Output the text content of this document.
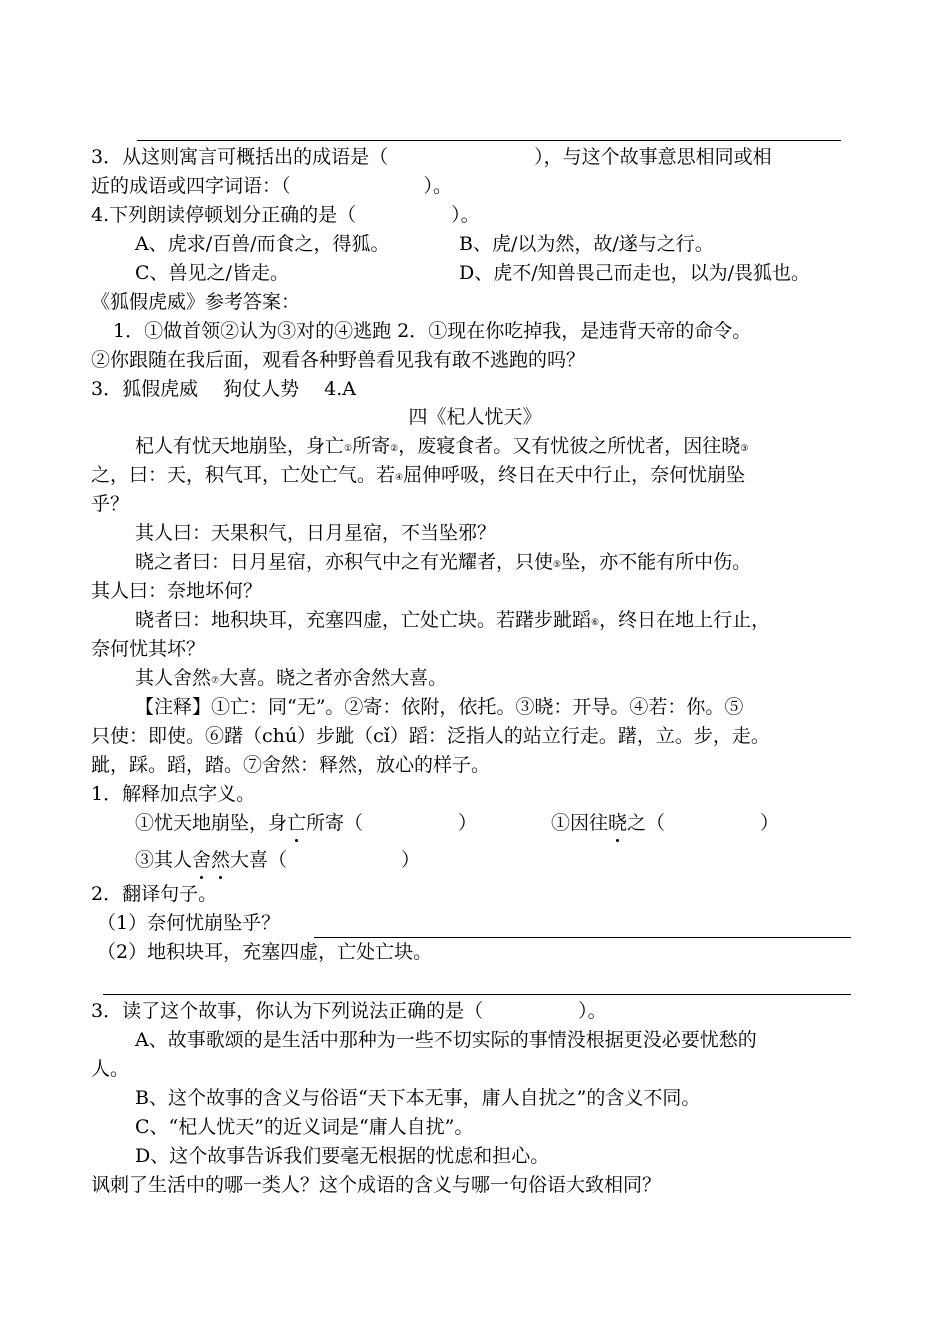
3．从这则寓言可概括出的成语是（	），与这个故事意思相同或相
近的成语或四字词语：（　　　　　　　）。
4.下列朗读停顿划分正确的是（　　　　　）。
A、虎求/百兽/而食之，得狐。	B、虎/以为然，故/遂与之行。
C、兽见之/皆走。	D、虎不/知兽畏己而走也，以为/畏狐也。
《狐假虎威》参考答案：
1．①做首领②认为③对的④逃跑 2．①现在你吃掉我，是违背天帝的命令。
②你跟随在我后面，观看各种野兽看见我有敢不逃跑的吗？
3．狐假虎威　 狗仗人势　 4.A
四《杞人忧天》
杞人有忧天地崩坠，身亡①所寄②，废寝食者。又有忧彼之所忧者，因往晓③
之，曰：天，积气耳，亡处亡气。若④屈伸呼吸，终日在天中行止，奈何忧崩坠
乎？
其人曰：天果积气，日月星宿，不当坠邪？
晓之者曰：日月星宿，亦积气中之有光耀者，只使⑤坠，亦不能有所中伤。
其人曰：奈地坏何？
晓者曰：地积块耳，充塞四虚，亡处亡块。若躇步跐蹈⑥，终日在地上行止，
奈何忧其坏？
其人舍然⑦大喜。晓之者亦舍然大喜。
【注释】①亡：同“无”。②寄：依附，依托。③晓：开导。④若：你。⑤
只使：即使。⑥躇（chú）步跐（cǐ）蹈：泛指人的站立行走。躇，立。步，走。
跐，踩。蹈，踏。⑦舍然：释然，放心的样子。
1．解释加点字义。
①忧天地崩坠，身亡所寄（　　　　　）	①因往晓之（　　　　　）
③其人舍然大喜（　　　　　　）
2．翻译句子。
（1）奈何忧崩坠乎？
（2）地积块耳，充塞四虚，亡处亡块。
3．读了这个故事，你认为下列说法正确的是（　　　　　）。
A、故事歌颂的是生活中那种为一些不切实际的事情没根据更没必要忧愁的
人。
B、这个故事的含义与俗语“天下本无事，庸人自扰之”的含义不同。
C、“杞人忧天”的近义词是“庸人自扰”。
D、这个故事告诉我们要毫无根据的忧虑和担心。
讽刺了生活中的哪一类人？这个成语的含义与哪一句俗语大致相同？
